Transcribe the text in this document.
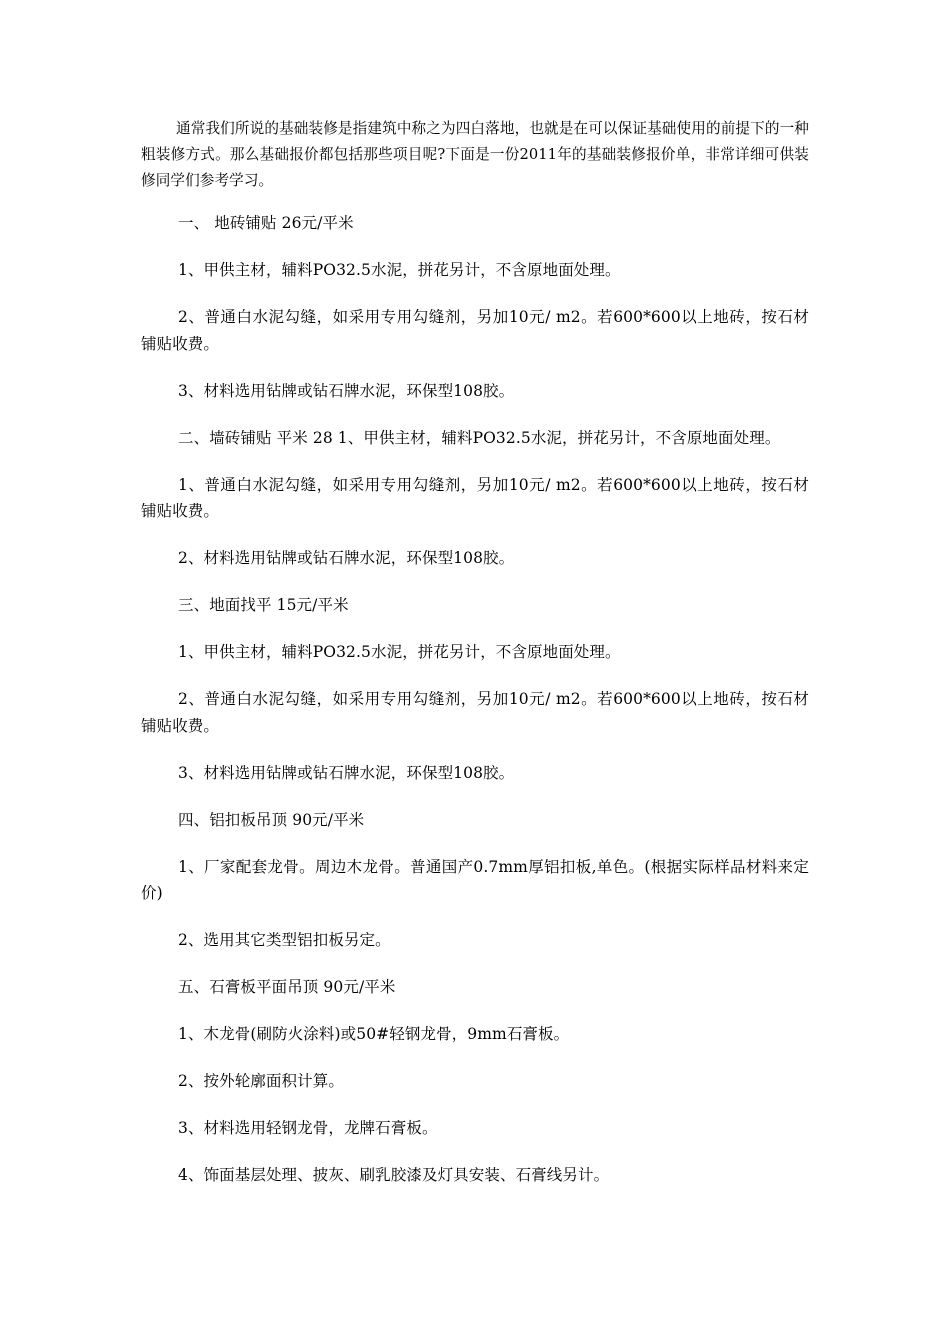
通常我们所说的基础装修是指建筑中称之为四白落地，也就是在可以保证基础使用的前提下的一种粗装修方式。那么基础报价都包括那些项目呢?下面是一份2011年的基础装修报价单，非常详细可供装修同学们参考学习。

一、 地砖铺贴 26元/平米

1、甲供主材，辅料PO32.5水泥，拼花另计，不含原地面处理。

2、普通白水泥勾缝，如采用专用勾缝剂，另加10元/ m2。若600*600以上地砖，按石材铺贴收费。

3、材料选用钻牌或钻石牌水泥，环保型108胶。

二、墙砖铺贴 平米 28 1、甲供主材，辅料PO32.5水泥，拼花另计，不含原地面处理。

1、普通白水泥勾缝，如采用专用勾缝剂，另加10元/ m2。若600*600以上地砖，按石材铺贴收费。

2、材料选用钻牌或钻石牌水泥，环保型108胶。

三、地面找平 15元/平米

1、甲供主材，辅料PO32.5水泥，拼花另计，不含原地面处理。

2、普通白水泥勾缝，如采用专用勾缝剂，另加10元/ m2。若600*600以上地砖，按石材铺贴收费。

3、材料选用钻牌或钻石牌水泥，环保型108胶。

四、铝扣板吊顶 90元/平米

1、厂家配套龙骨。周边木龙骨。普通国产0.7mm厚铝扣板,单色。(根据实际样品材料来定价)

2、选用其它类型铝扣板另定。

五、石膏板平面吊顶 90元/平米

1、木龙骨(刷防火涂料)或50#轻钢龙骨，9mm石膏板。

2、按外轮廓面积计算。

3、材料选用轻钢龙骨，龙牌石膏板。

4、饰面基层处理、披灰、刷乳胶漆及灯具安装、石膏线另计。
